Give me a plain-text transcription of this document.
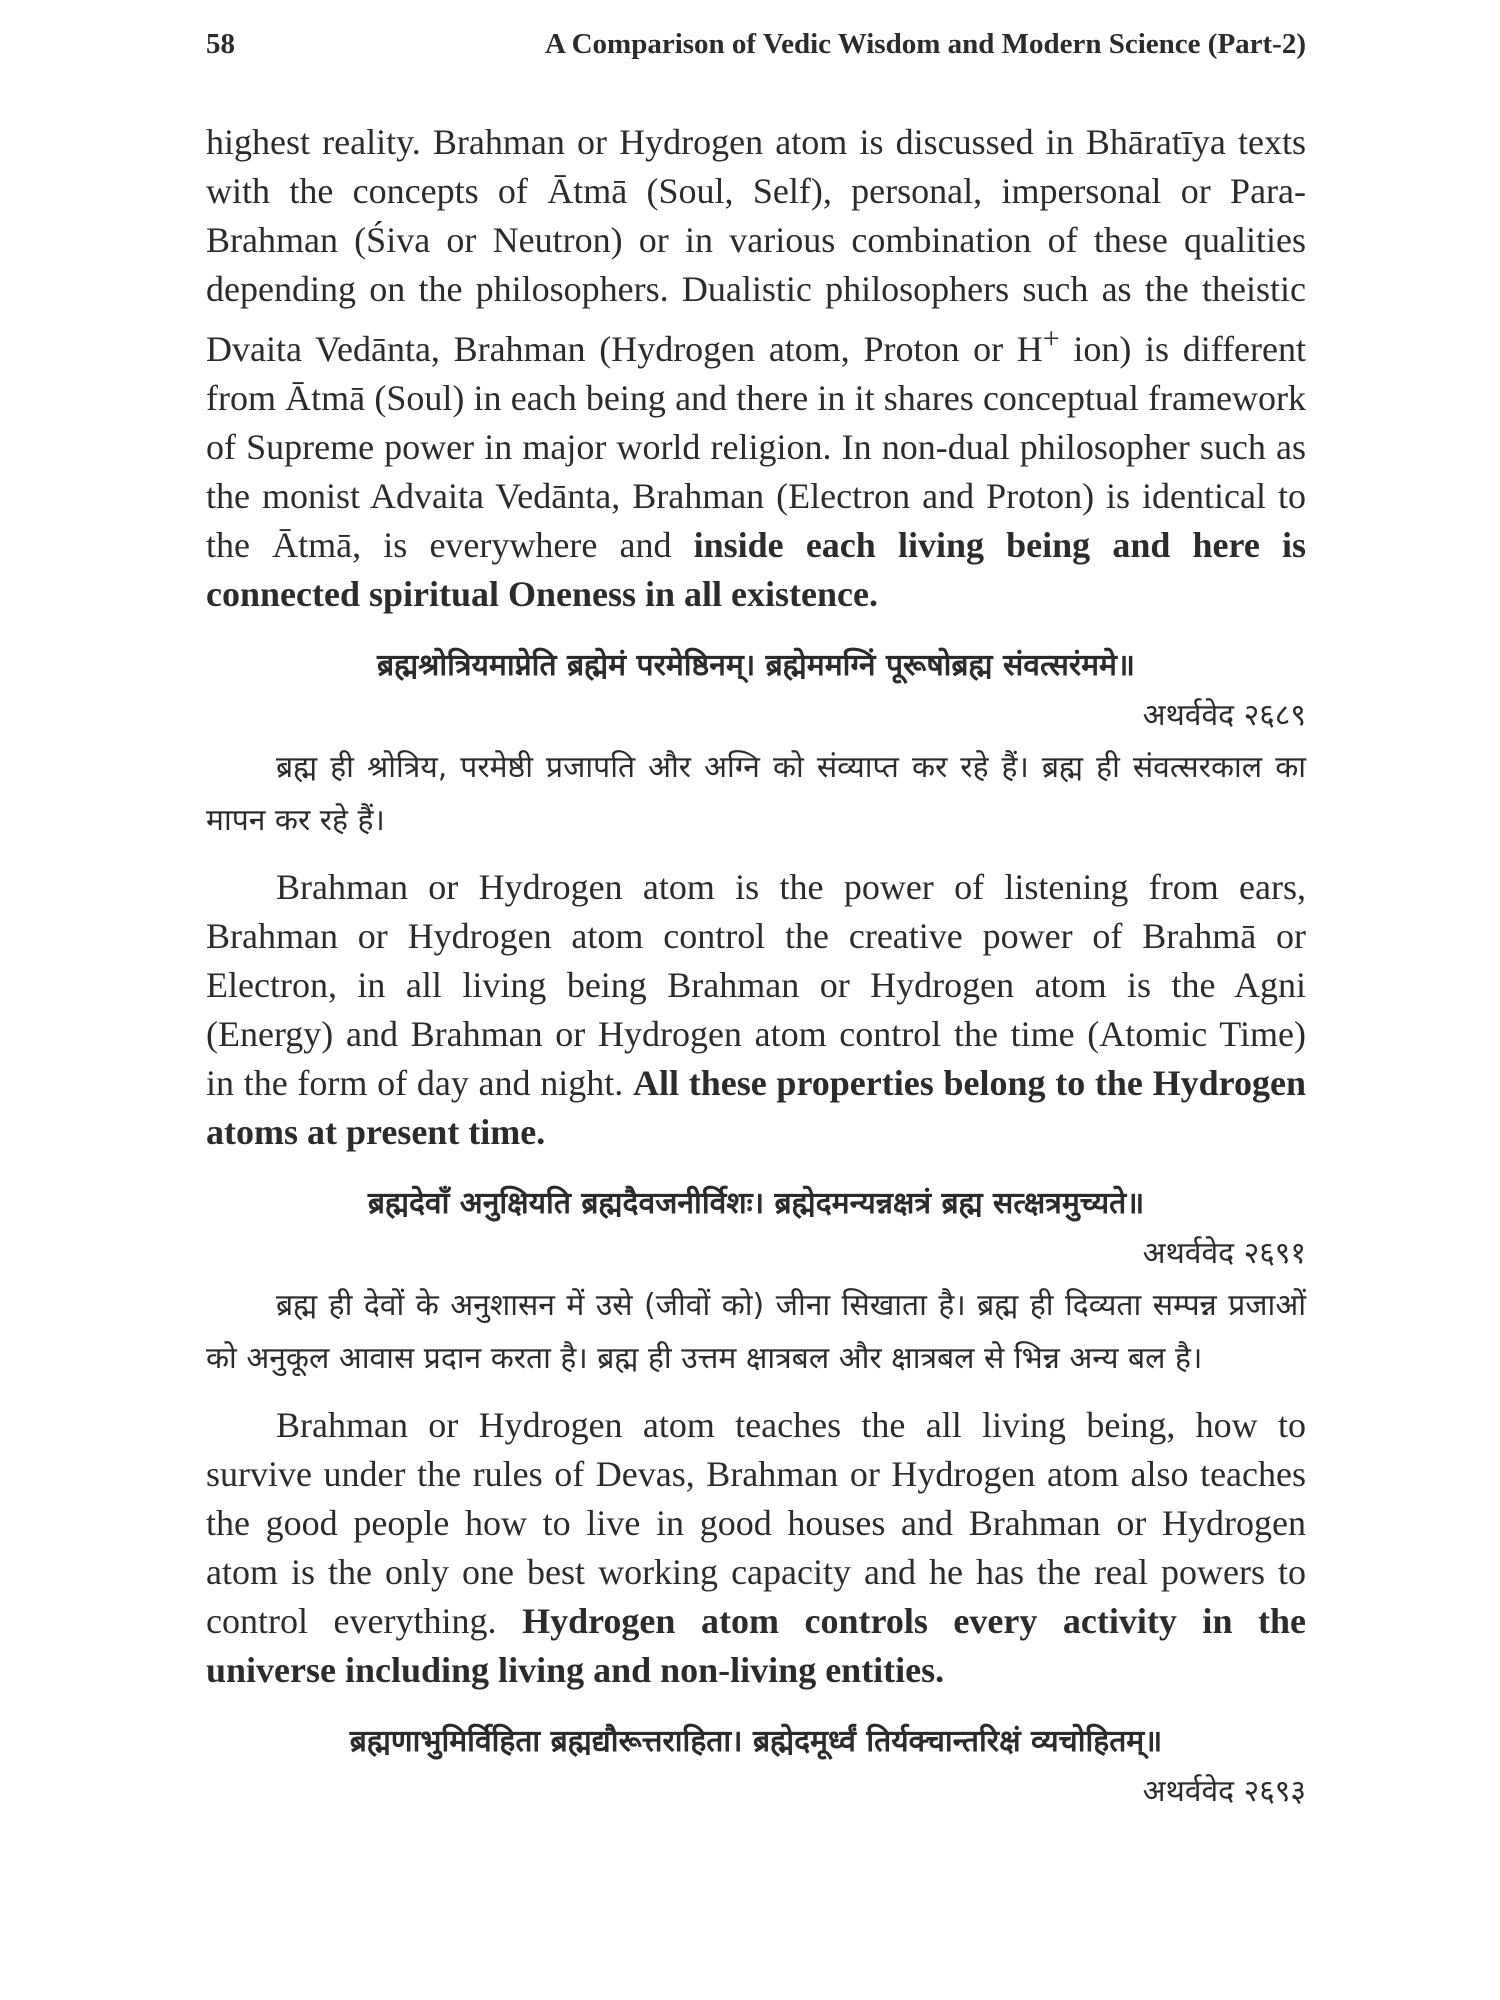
58	A Comparison of Vedic Wisdom and Modern Science (Part-2)

highest reality. Brahman or Hydrogen atom is discussed in Bhāratīya texts with the concepts of Ātmā (Soul, Self), personal, impersonal or Para-Brahman (Śiva or Neutron) or in various combination of these qualities depending on the philosophers. Dualistic philosophers such as the theistic Dvaita Vedānta, Brahman (Hydrogen atom, Proton or H+ ion) is different from Ātmā (Soul) in each being and there in it shares conceptual framework of Supreme power in major world religion. In non-dual philosopher such as the monist Advaita Vedānta, Brahman (Electron and Proton) is identical to the Ātmā, is everywhere and inside each living being and here is connected spiritual Oneness in all existence.

ब्रह्मश्रोत्रियमाप्नेति ब्रह्मेमं परमेष्ठिनम्। ब्रह्मेममग्निं पूरूषोब्रह्म संवत्सरंममे॥

अथर्ववेद २६८९

ब्रह्म ही श्रोत्रिय, परमेष्ठी प्रजापति और अग्नि को संव्याप्त कर रहे हैं। ब्रह्म ही संवत्सरकाल का मापन कर रहे हैं।

Brahman or Hydrogen atom is the power of listening from ears, Brahman or Hydrogen atom control the creative power of Brahmā or Electron, in all living being Brahman or Hydrogen atom is the Agni (Energy) and Brahman or Hydrogen atom control the time (Atomic Time) in the form of day and night. All these properties belong to the Hydrogen atoms at present time.

ब्रह्मदेवाँ अनुक्षियति ब्रह्मदैवजनीर्विशः। ब्रह्मेदमन्यन्नक्षत्रं ब्रह्म सत्क्षत्रमुच्यते॥

अथर्ववेद २६९१

ब्रह्म ही देवों के अनुशासन में उसे (जीवों को) जीना सिखाता है। ब्रह्म ही दिव्यता सम्पन्न प्रजाओं को अनुकूल आवास प्रदान करता है। ब्रह्म ही उत्तम क्षात्रबल और क्षात्रबल से भिन्न अन्य बल है।

Brahman or Hydrogen atom teaches the all living being, how to survive under the rules of Devas, Brahman or Hydrogen atom also teaches the good people how to live in good houses and Brahman or Hydrogen atom is the only one best working capacity and he has the real powers to control everything. Hydrogen atom controls every activity in the universe including living and non-living entities.

ब्रह्मणाभुमिर्विहिता ब्रह्मद्यौरूत्तराहिता। ब्रह्मेदमूर्ध्वं तिर्यक्चान्तरिक्षं व्यचोहितम्॥

अथर्ववेद २६९३
